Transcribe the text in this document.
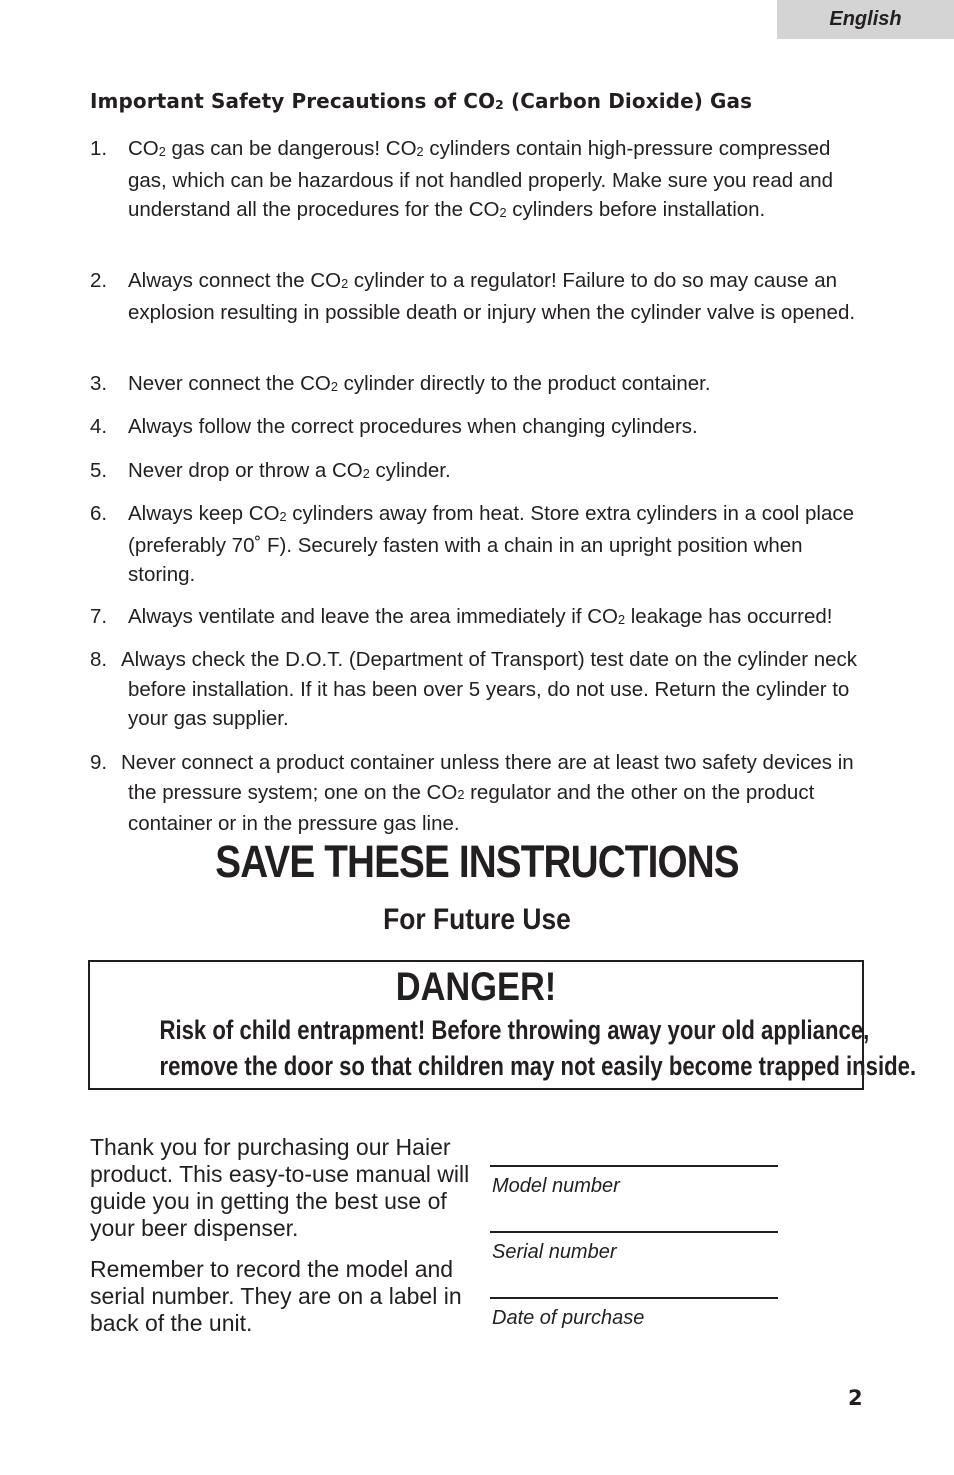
English
Important Safety Precautions of $CO_2$ (Carbon Dioxide) Gas
1.	$CO_2$ gas can be dangerous! $CO_2$ cylinders contain high-pressure compressed gas, which can be hazardous if not handled properly. Make sure you read and understand all the procedures for the $CO_2$ cylinders before installation.
2.	Always connect the $CO_2$ cylinder to a regulator! Failure to do so may cause an explosion resulting in possible death or injury when the cylinder valve is opened.
3.	Never connect the $CO_2$ cylinder directly to the product container.
4.	Always follow the correct procedures when changing cylinders.
5.	Never drop or throw a $CO_2$ cylinder.
6.	Always keep $CO_2$ cylinders away from heat. Store extra cylinders in a cool place (preferably 70˚ F). Securely fasten with a chain in an upright position when storing.
7.	Always ventilate and leave the area immediately if $CO_2$ leakage has occurred!
8. Always check the D.O.T. (Department of Transport) test date on the cylinder neck before installation. If it has been over 5 years, do not use. Return the cylinder to your gas supplier.
9. Never connect a product container unless there are at least two safety devices in the pressure system; one on the $CO_2$ regulator and the other on the product container or in the pressure gas line.
SAVE THESE INSTRUCTIONS
For Future Use
DANGER!
Risk of child entrapment! Before throwing away your old appliance,
remove the door so that children may not easily become trapped inside.
Thank you for purchasing our Haier product. This easy-to-use manual will guide you in getting the best use of your beer dispenser.
Remember to record the model and serial number. They are on a label in back of the unit.
Model number
Serial number
Date of purchase
2
